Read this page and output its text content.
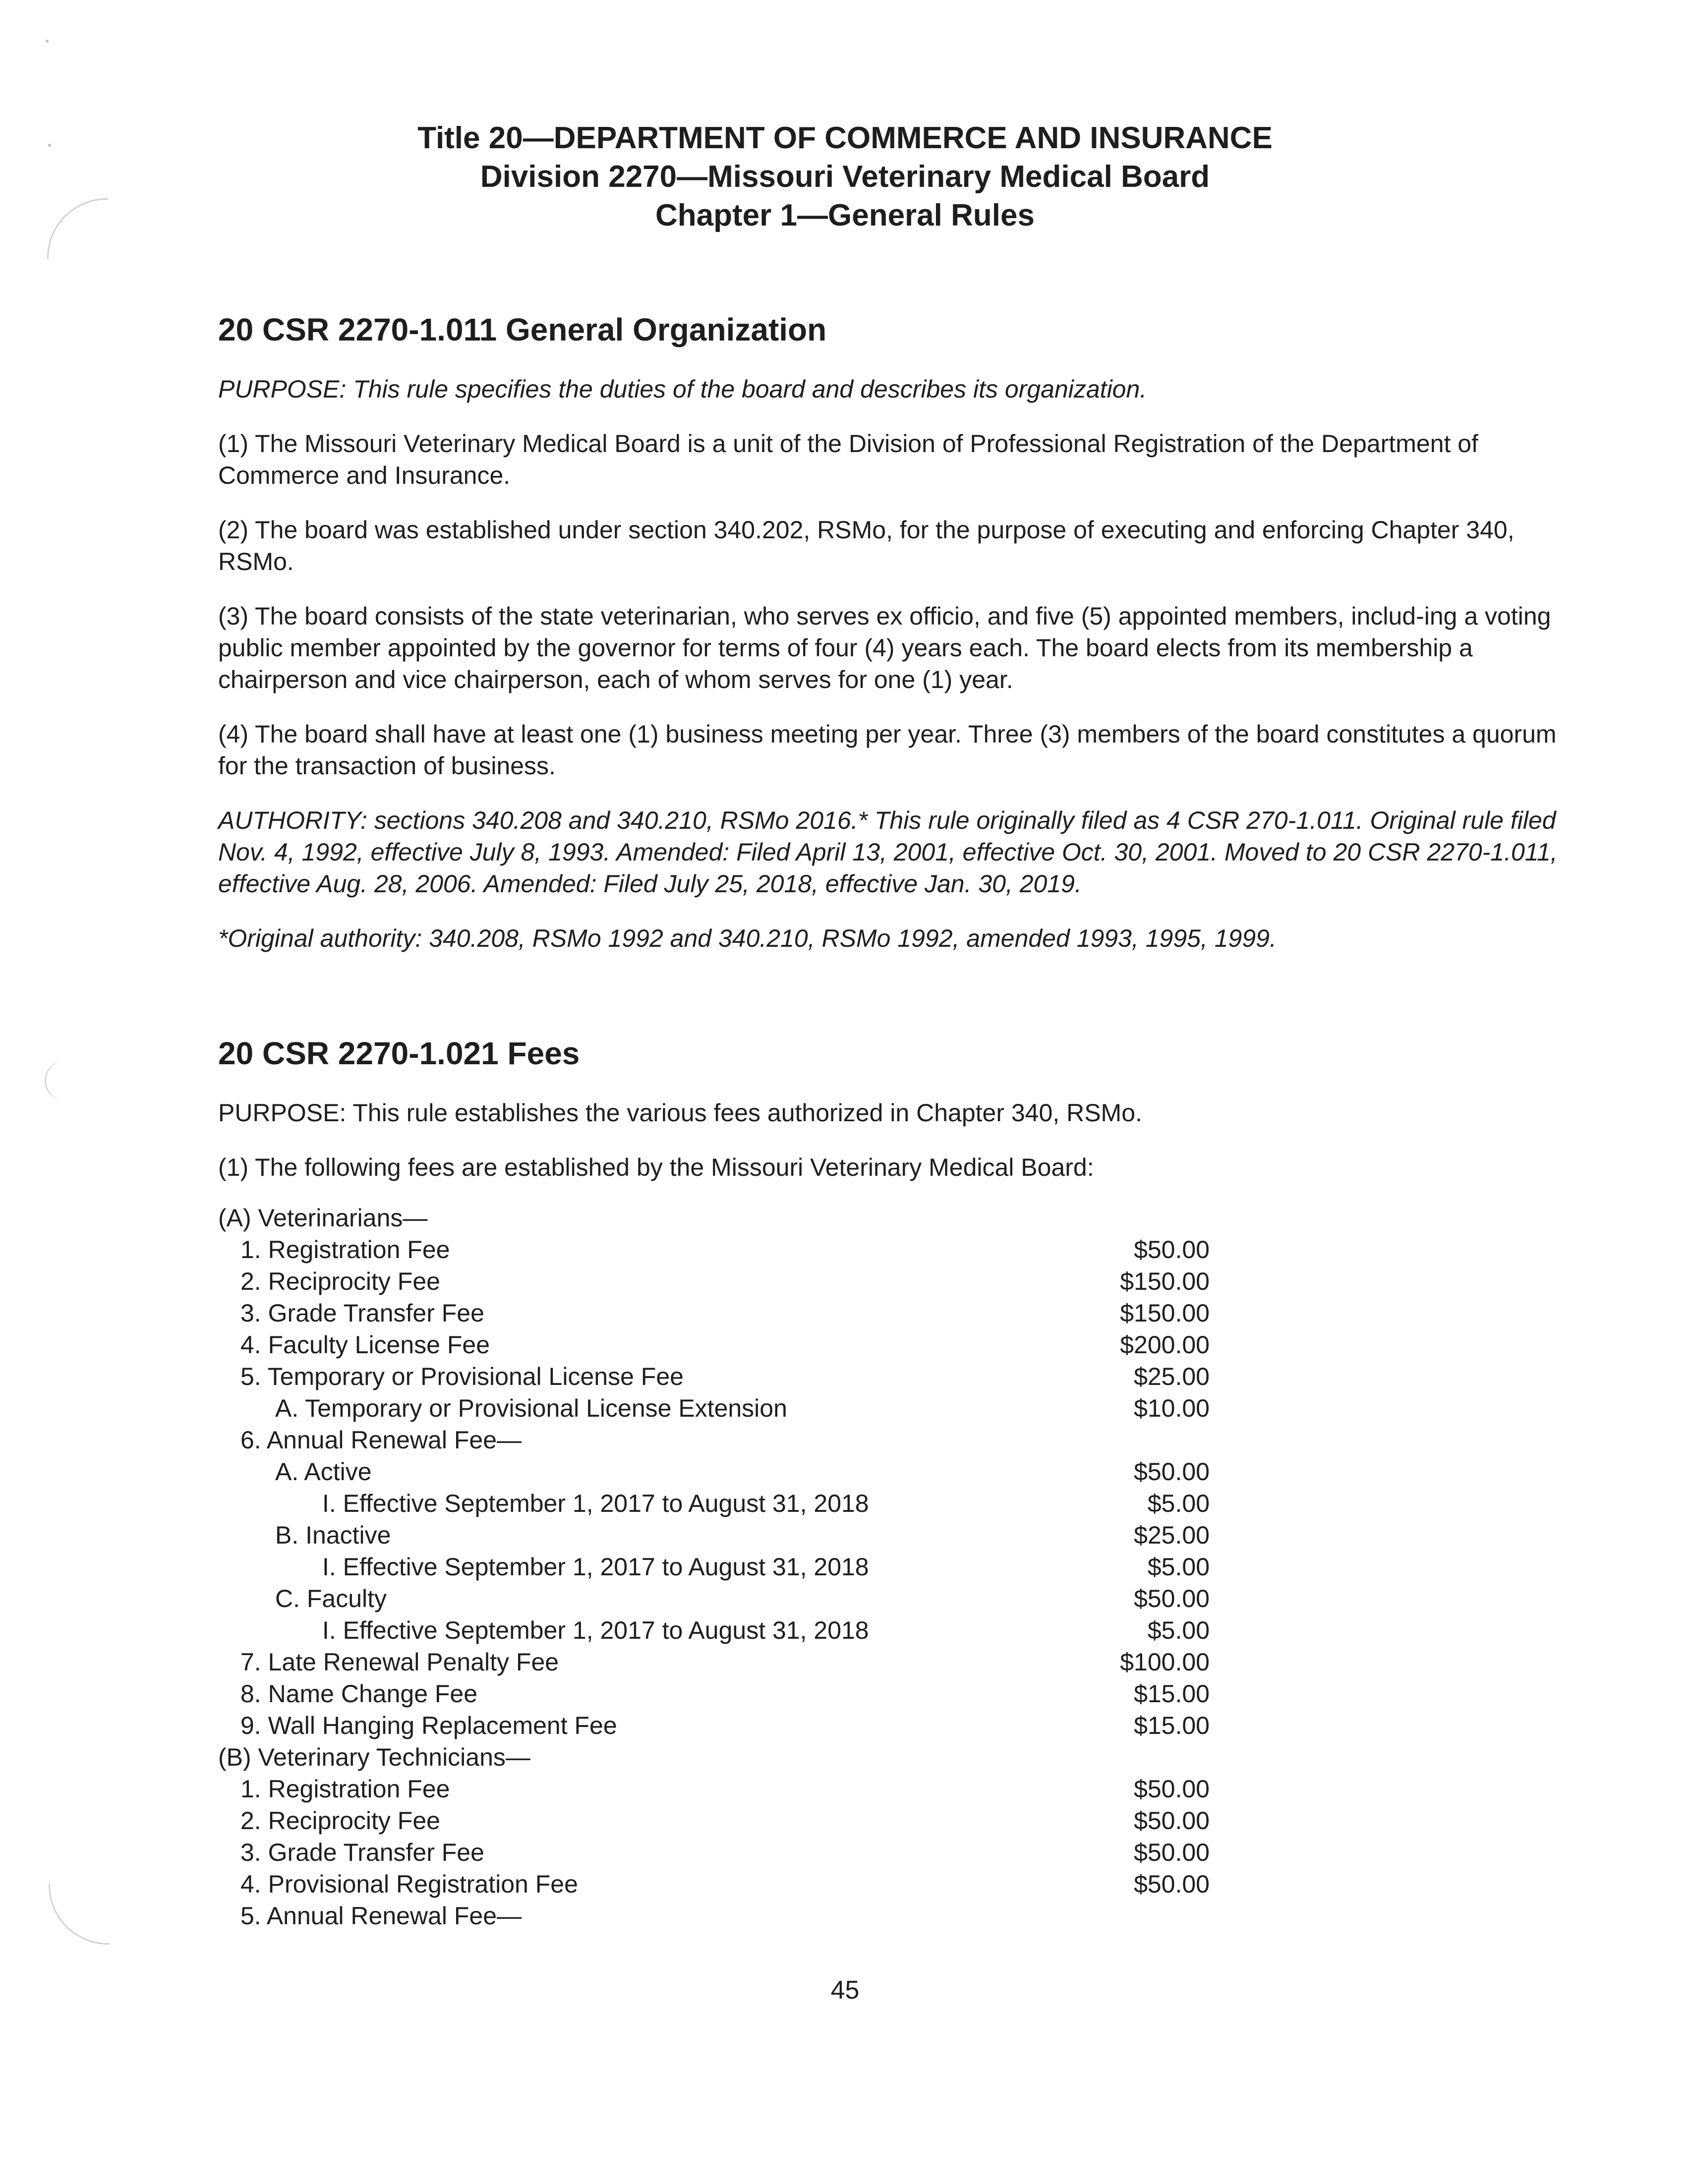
Title 20—DEPARTMENT OF COMMERCE AND INSURANCE
Division 2270—Missouri Veterinary Medical Board
Chapter 1—General Rules
20 CSR 2270-1.011 General Organization

PURPOSE: This rule specifies the duties of the board and describes its organization.

(1) The Missouri Veterinary Medical Board is a unit of the Division of Professional Registration of the Department of Commerce and Insurance.

(2) The board was established under section 340.202, RSMo, for the purpose of executing and enforcing Chapter 340, RSMo.

(3) The board consists of the state veterinarian, who serves ex officio, and five (5) appointed members, includ-ing a voting public member appointed by the governor for terms of four (4) years each. The board elects from its membership a chairperson and vice chairperson, each of whom serves for one (1) year.

(4) The board shall have at least one (1) business meeting per year. Three (3) members of the board constitutes a quorum for the transaction of business.

AUTHORITY: sections 340.208 and 340.210, RSMo 2016.* This rule originally filed as 4 CSR 270-1.011. Original rule filed Nov. 4, 1992, effective July 8, 1993. Amended: Filed April 13, 2001, effective Oct. 30, 2001. Moved to 20 CSR 2270-1.011, effective Aug. 28, 2006. Amended: Filed July 25, 2018, effective Jan. 30, 2019.

*Original authority: 340.208, RSMo 1992 and 340.210, RSMo 1992, amended 1993, 1995, 1999.

20 CSR 2270-1.021 Fees

PURPOSE: This rule establishes the various fees authorized in Chapter 340, RSMo.

(1) The following fees are established by the Missouri Veterinary Medical Board:

(A) Veterinarians—
1. Registration Fee .....	$50.00
2. Reciprocity Fee .....	$150.00
3. Grade Transfer Fee .....	$150.00
4. Faculty License Fee .....	$200.00
5. Temporary or Provisional License Fee .....	$25.00
A. Temporary or Provisional License Extension .....	$10.00
6. Annual Renewal Fee—
A. Active .....	$50.00
I. Effective September 1, 2017 to August 31, 2018 .....	$5.00
B. Inactive .....	$25.00
I. Effective September 1, 2017 to August 31, 2018 .....	$5.00
C. Faculty .....	$50.00
I. Effective September 1, 2017 to August 31, 2018 .....	$5.00
7. Late Renewal Penalty Fee .....	$100.00
8. Name Change Fee .....	$15.00
9. Wall Hanging Replacement Fee .....	$15.00
(B) Veterinary Technicians—
1. Registration Fee .....	$50.00
2. Reciprocity Fee .....	$50.00
3. Grade Transfer Fee .....	$50.00
4. Provisional Registration Fee .....	$50.00
5. Annual Renewal Fee—
45
